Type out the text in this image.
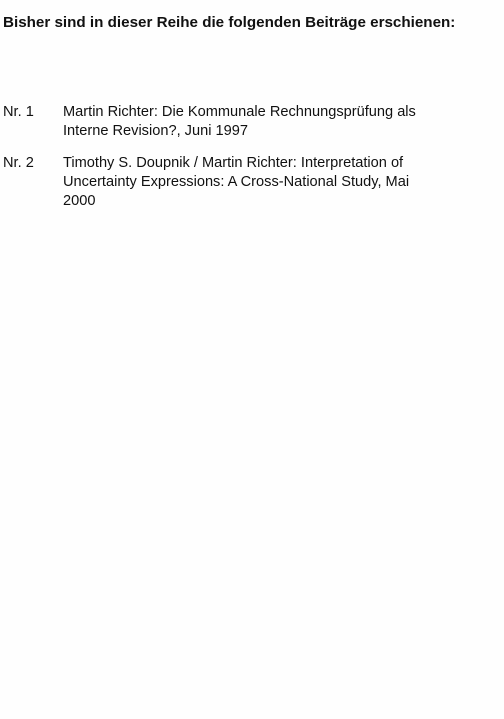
Bisher sind in dieser Reihe die folgenden Beiträge erschienen:
Nr. 1	Martin Richter: Die Kommunale Rechnungsprüfung als Interne Revision?, Juni 1997
Nr. 2	Timothy S. Doupnik / Martin Richter: Interpretation of Uncertainty Expressions: A Cross-National Study, Mai 2000
